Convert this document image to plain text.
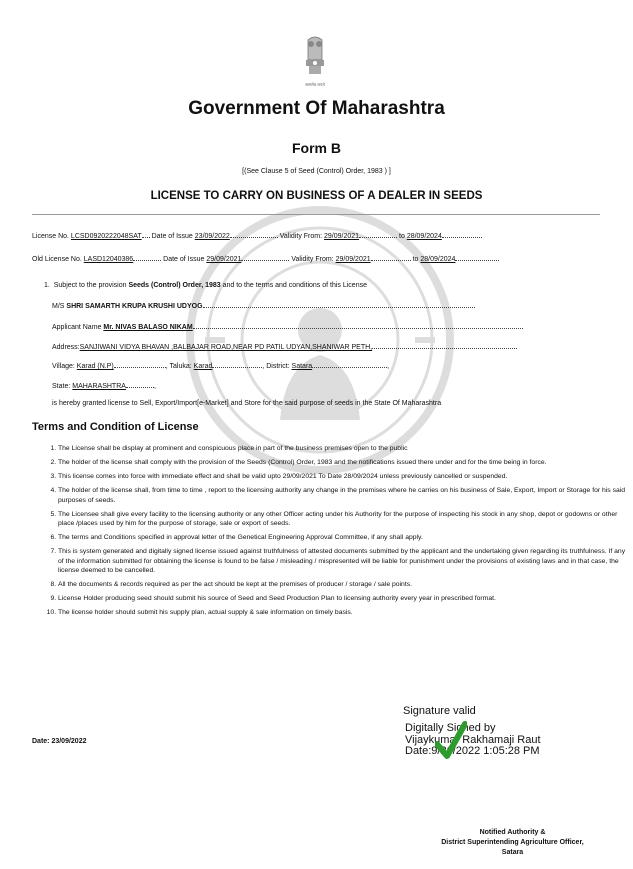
सत्यमेव जयते
Government Of Maharashtra
Form B
[(See Clause 5 of Seed (Control) Order, 1983 ) ]
LICENSE TO CARRY ON BUSINESS OF A DEALER IN SEEDS
License No. LCSD0920222048SAT Date of Issue 23/09/2022	Validity From: 29/09/2021	to 28/09/2024
Old License No. LASD12040386	Date of Issue 29/09/2021	Validity From: 29/09/2021	to 28/09/2024
1. Subject to the provision Seeds (Control) Order, 1983 and to the terms and conditions of this License
M/S SHRI SAMARTH KRUPA KRUSHI UDYOG
Applicant Name Mr. NIVAS BALASO NIKAM
Address:SANJIWANI VIDYA BHAVAN ,BALBAJAR ROAD,NEAR PD PATIL UDYAN,SHANIWAR PETH,
Village: Karad (N.P)	, Taluka: Karad	, District: Satara	,
State: MAHARASHTRA	,
is hereby granted license to Sell, Export/Import[e-Market] and Store for the said purpose of seeds in the State Of Maharashtra
Terms and Condition of License
1. The License shall be display at prominent and conspicuous place in part of the business premises open to the public
2. The holder of the license shall comply with the provision of the Seeds (Control) Order, 1983 and the notifications issued there under and for the time being in force.
3. This license comes into force with immediate effect and shall be valid upto 29/09/2021 To Date 28/09/2024 unless previously cancelled or suspended.
4. The holder of the license shall, from time to time , report to the licensing authority any change in the premises where he carries on his business of Sale, Export, Import or Storage for his said purposes of seeds.
5. The Licensee shall give every facility to the licensing authority or any other Officer acting under his Authority for the purpose of inspecting his stock in any shop, depot or godowns or other place /places used by him for the purpose of storage, sale or export of seeds.
6. The terms and Conditions specified in approval letter of the Genetical Engineering Approval Committee, if any shall apply.
7. This is system generated and digitally signed license issued against truthfulness of attested documents submitted by the applicant and the undertaking given regarding its truthfulness. If any of the information submitted for obtaining the license is found to be false / misleading / mispresented will be liable for punishment under the provisions of existing laws and in that case, the license deemed to be cancelled.
8. All the documents & records required as per the act should be kept at the premises of producer / storage / sale points.
9. License Holder producing seed should submit his source of Seed and Seed Production Plan to licensing authority every year in prescribed format.
10. The license holder should submit his supply plan, actual supply & sale information on timely basis.
Signature valid
Digitally Signed by
Vijaykumar Rakhamaji Raut
Date:9/26/2022 1:05:28 PM
Date: 23/09/2022
Notified Authority &
District Superintending Agriculture Officer,
Satara
